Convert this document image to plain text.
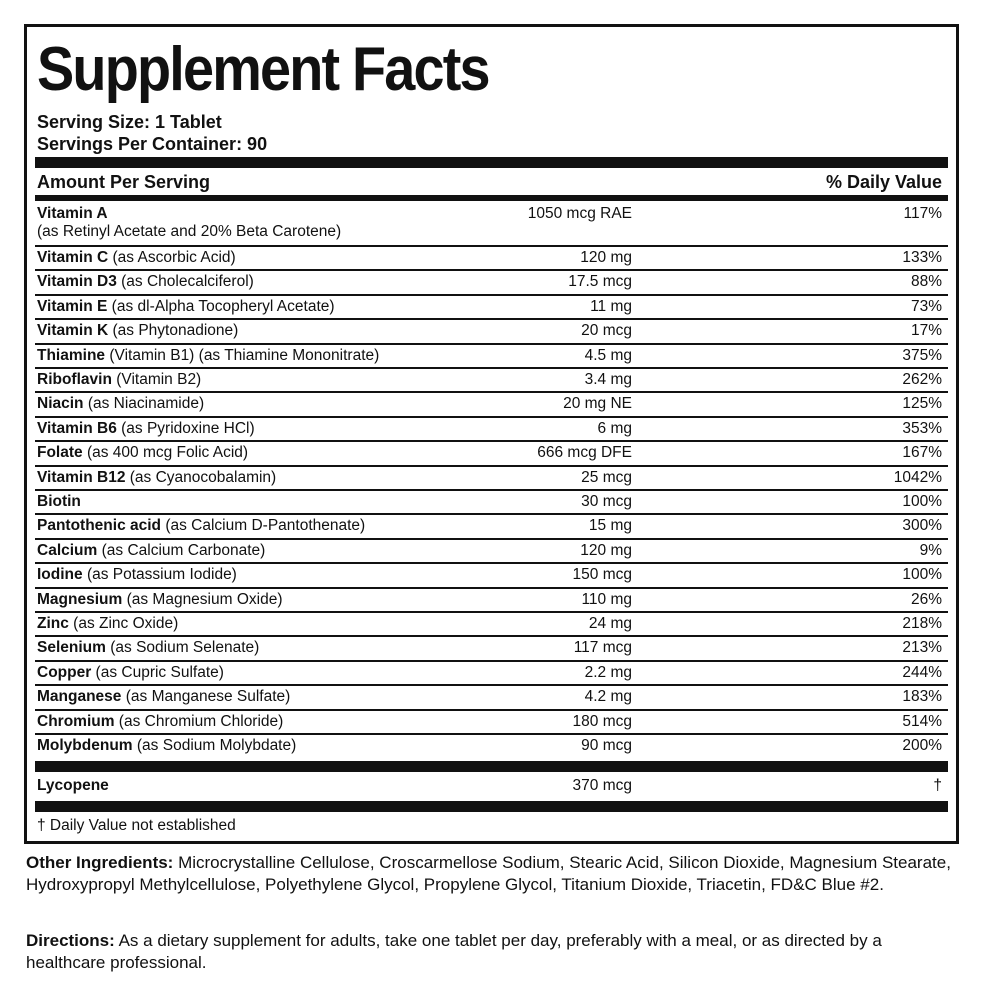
Supplement Facts
Serving Size: 1 Tablet
Servings Per Container: 90
Amount Per Serving	% Daily Value
Vitamin A
(as Retinyl Acetate and 20% Beta Carotene)
1050 mcg RAE	117%
Vitamin C (as Ascorbic Acid)	120 mg	133%
Vitamin D3 (as Cholecalciferol)	17.5 mcg	88%
Vitamin E (as dl-Alpha Tocopheryl Acetate)	11 mg	73%
Vitamin K (as Phytonadione)	20 mcg	17%
Thiamine (Vitamin B1) (as Thiamine Mononitrate)	4.5 mg	375%
Riboflavin (Vitamin B2)	3.4 mg	262%
Niacin (as Niacinamide)	20 mg NE	125%
Vitamin B6 (as Pyridoxine HCl)	6 mg	353%
Folate (as 400 mcg Folic Acid)	666 mcg DFE	167%
Vitamin B12 (as Cyanocobalamin)	25 mcg	1042%
Biotin	30 mcg	100%
Pantothenic acid (as Calcium D-Pantothenate)	15 mg	300%
Calcium (as Calcium Carbonate)	120 mg	9%
Iodine (as Potassium Iodide)	150 mcg	100%
Magnesium (as Magnesium Oxide)	110 mg	26%
Zinc (as Zinc Oxide)	24 mg	218%
Selenium (as Sodium Selenate)	117 mcg	213%
Copper (as Cupric Sulfate)	2.2 mg	244%
Manganese (as Manganese Sulfate)	4.2 mg	183%
Chromium (as Chromium Chloride)	180 mcg	514%
Molybdenum (as Sodium Molybdate)	90 mcg	200%
Lycopene	370 mcg	†
† Daily Value not established
Other Ingredients: Microcrystalline Cellulose, Croscarmellose Sodium, Stearic Acid, Silicon Dioxide, Magnesium Stearate, Hydroxypropyl Methylcellulose, Polyethylene Glycol, Propylene Glycol, Titanium Dioxide, Triacetin, FD&C Blue #2.
Directions: As a dietary supplement for adults, take one tablet per day, preferably with a meal, or as directed by a healthcare professional.
